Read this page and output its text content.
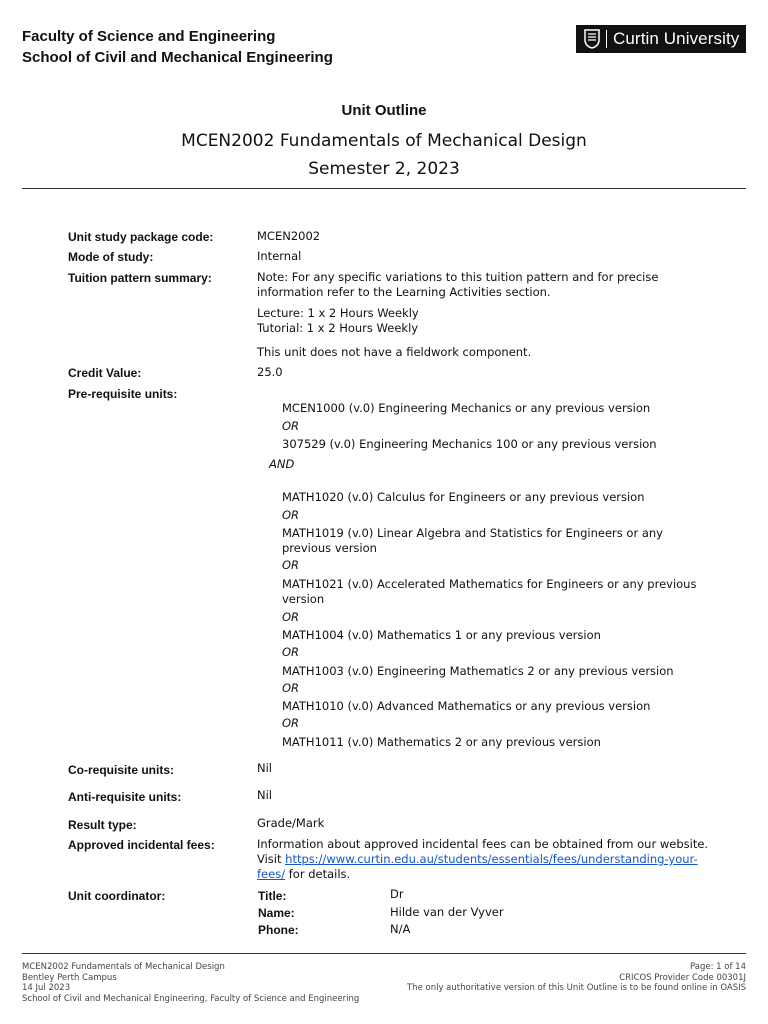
Faculty of Science and Engineering
School of Civil and Mechanical Engineering
Curtin University
Unit Outline
MCEN2002 Fundamentals of Mechanical Design
Semester 2, 2023
Unit study package code:	MCEN2002
Mode of study:	Internal
Tuition pattern summary:	Note: For any specific variations to this tuition pattern and for precise
information refer to the Learning Activities section.
Lecture: 1 x 2 Hours Weekly
Tutorial: 1 x 2 Hours Weekly
This unit does not have a fieldwork component.
Credit Value:	25.0
Pre-requisite units:
MCEN1000 (v.0) Engineering Mechanics or any previous version
OR
307529 (v.0) Engineering Mechanics 100 or any previous version
AND
MATH1020 (v.0) Calculus for Engineers or any previous version
OR
MATH1019 (v.0) Linear Algebra and Statistics for Engineers or any
previous version
OR
MATH1021 (v.0) Accelerated Mathematics for Engineers or any previous
version
OR
MATH1004 (v.0) Mathematics 1 or any previous version
OR
MATH1003 (v.0) Engineering Mathematics 2 or any previous version
OR
MATH1010 (v.0) Advanced Mathematics or any previous version
OR
MATH1011 (v.0) Mathematics 2 or any previous version
Co-requisite units:	Nil
Anti-requisite units:	Nil
Result type:	Grade/Mark
Approved incidental fees:	Information about approved incidental fees can be obtained from our website.
Visit https://www.curtin.edu.au/students/essentials/fees/understanding-your-
fees/ for details.
Unit coordinator:	Title:	Dr
Name:	Hilde van der Vyver
Phone:	N/A
MCEN2002 Fundamentals of Mechanical Design
Bentley Perth Campus
14 Jul 2023
School of Civil and Mechanical Engineering, Faculty of Science and Engineering
Page: 1 of 14
CRICOS Provider Code 00301J
The only authoritative version of this Unit Outline is to be found online in OASIS
